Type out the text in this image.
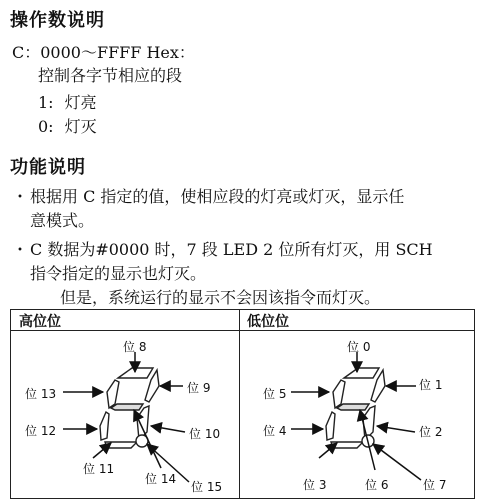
操作数说明
C：0000～FFFF Hex：
控制各字节相应的段
1: 灯亮
0: 灯灭
功能说明
・ 根据用 C 指定的值，使相应段的灯亮或灯灭，显示任
意模式。
・ C 数据为#0000 时，7 段 LED 2 位所有灯灭，用 SCH
指令指定的显示也灯灭。
但是，系统运行的显示不会因该指令而灯灭。
高位位	低位位
位 8
位 9
位 10
位 11
位 12
位 13
位 14
位 15
位 0
位 1
位 2
位 3
位 4
位 5
位 6	位 7
